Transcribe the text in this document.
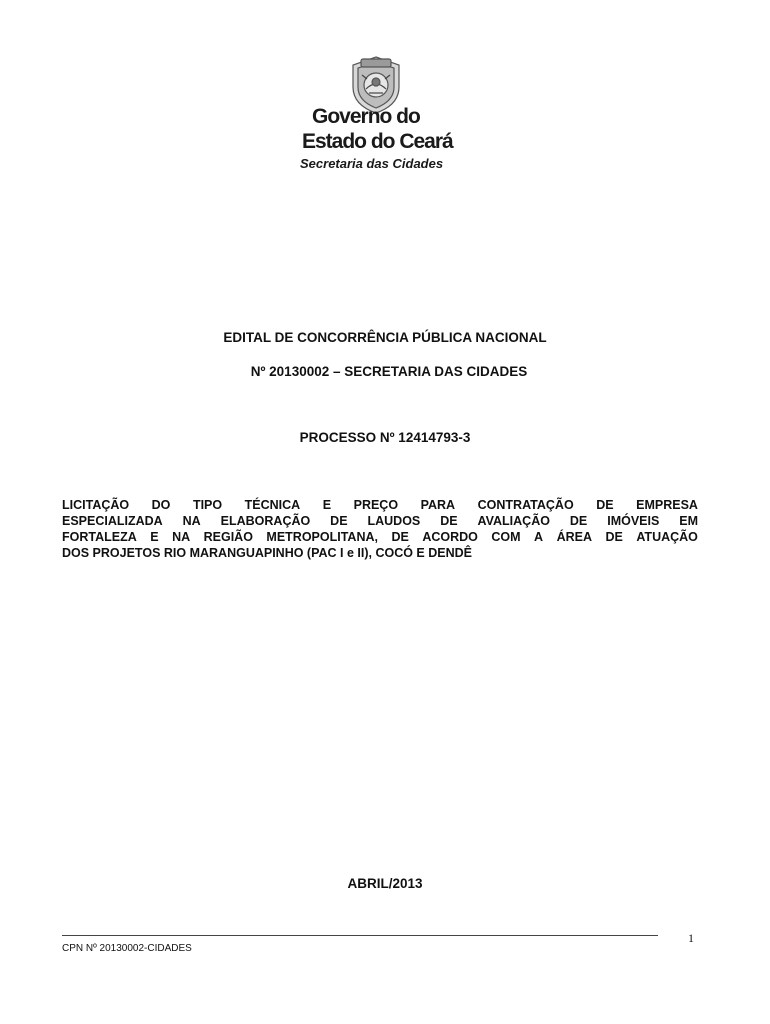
Governo do
Estado do Ceará
Secretaria das Cidades
EDITAL DE CONCORRÊNCIA PÚBLICA NACIONAL
Nº 20130002 – SECRETARIA DAS CIDADES
PROCESSO Nº 12414793-3
LICITAÇÃO DO TIPO TÉCNICA E PREÇO PARA CONTRATAÇÃO DE EMPRESA
ESPECIALIZADA NA ELABORAÇÃO DE LAUDOS DE AVALIAÇÃO DE IMÓVEIS EM
FORTALEZA E NA REGIÃO METROPOLITANA, DE ACORDO COM A ÁREA DE ATUAÇÃO
DOS PROJETOS RIO MARANGUAPINHO (PAC I e II), COCÓ E DENDÊ
ABRIL/2013
1
CPN Nº 20130002-CIDADES
